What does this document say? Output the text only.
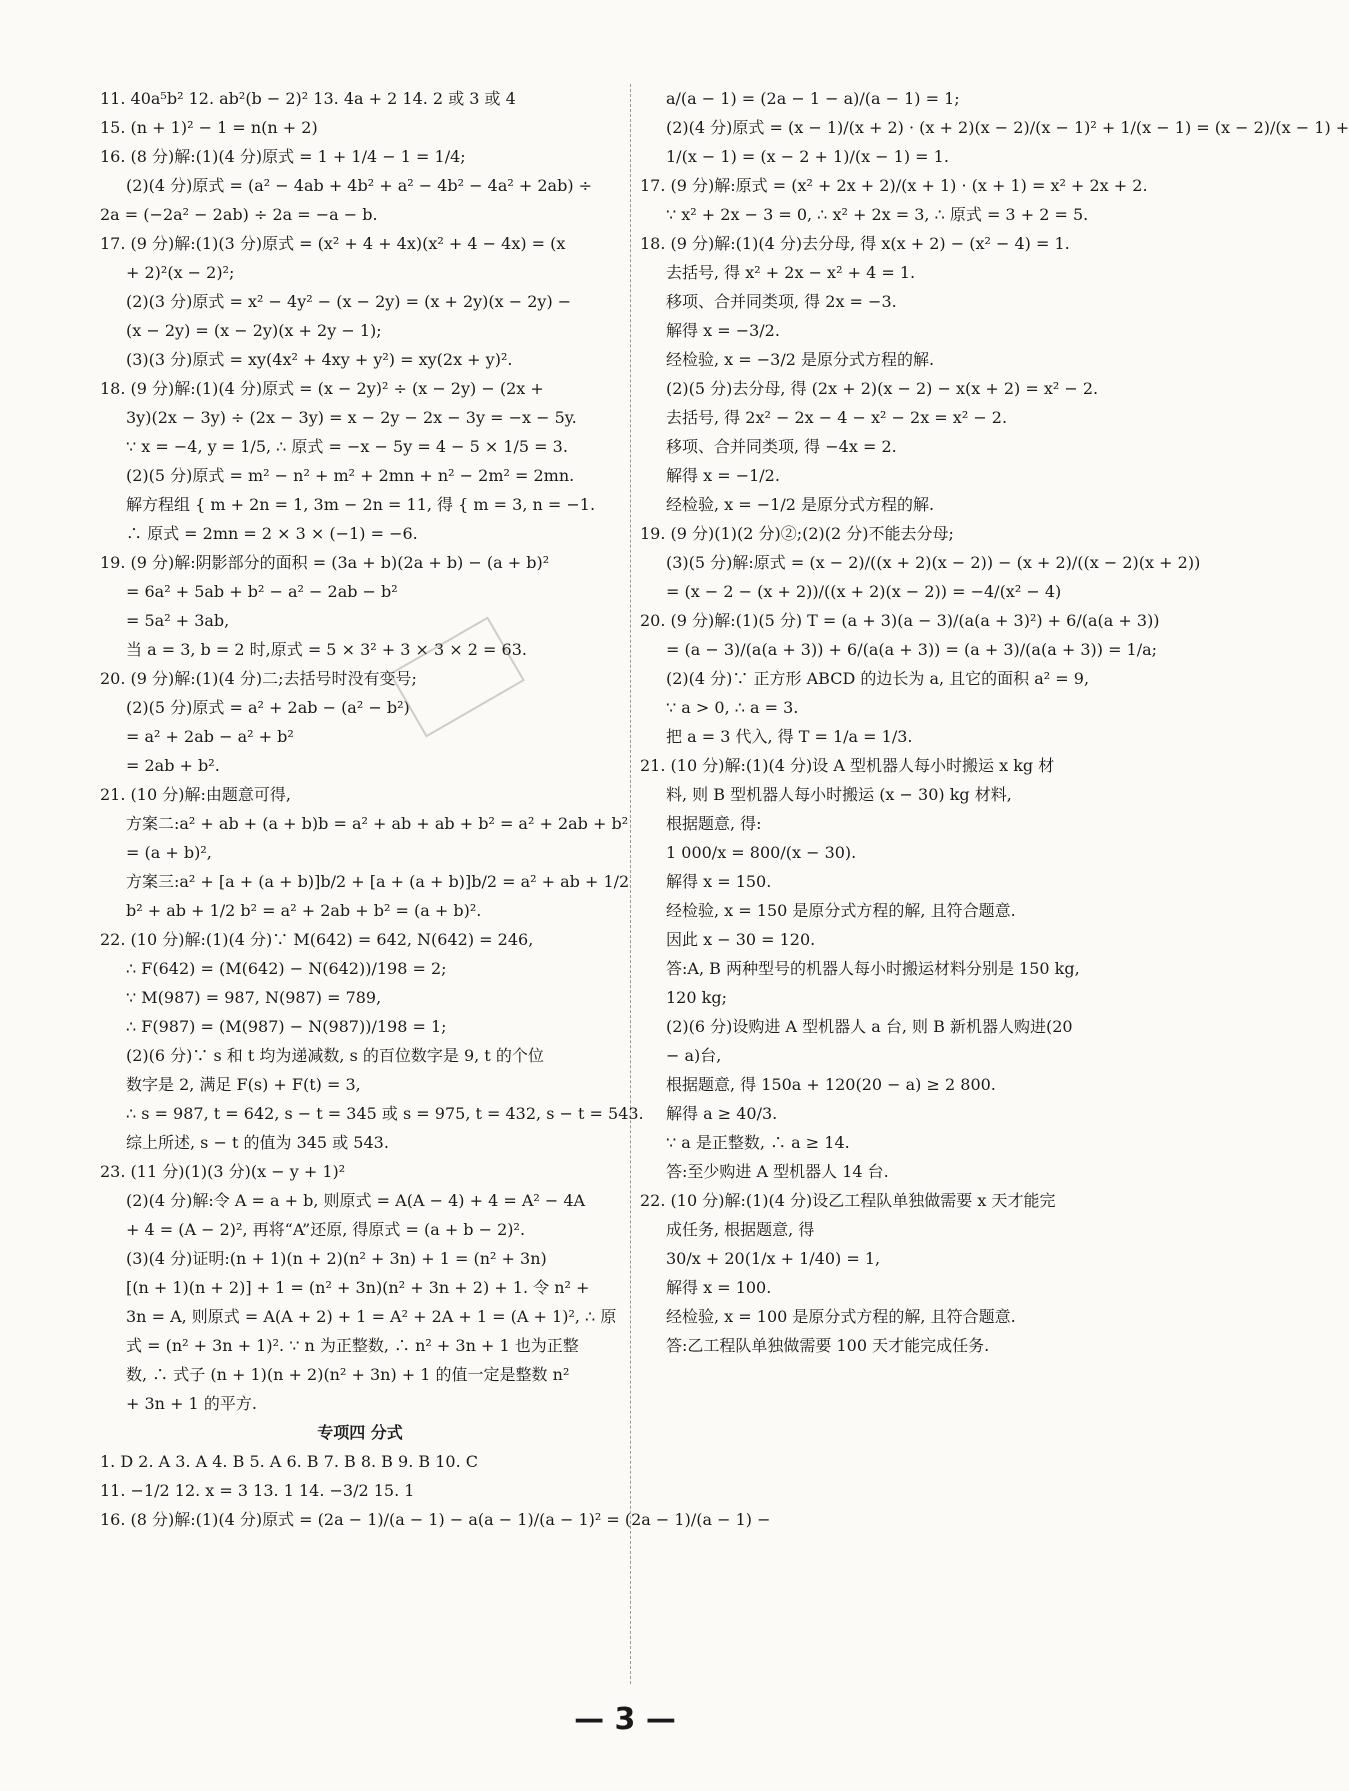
11. 40a⁵b² 12. ab²(b − 2)² 13. 4a + 2 14. 2 或 3 或 4
15. (n + 1)² − 1 = n(n + 2)
16. (8 分)解:(1)(4 分)原式 = 1 + 1/4 − 1 = 1/4;
(2)(4 分)原式 = (a² − 4ab + 4b² + a² − 4b² − 4a² + 2ab) ÷
2a = (−2a² − 2ab) ÷ 2a = −a − b.
17. (9 分)解:(1)(3 分)原式 = (x² + 4 + 4x)(x² + 4 − 4x) = (x
+ 2)²(x − 2)²;
(2)(3 分)原式 = x² − 4y² − (x − 2y) = (x + 2y)(x − 2y) −
(x − 2y) = (x − 2y)(x + 2y − 1);
(3)(3 分)原式 = xy(4x² + 4xy + y²) = xy(2x + y)².
18. (9 分)解:(1)(4 分)原式 = (x − 2y)² ÷ (x − 2y) − (2x +
3y)(2x − 3y) ÷ (2x − 3y) = x − 2y − 2x − 3y = −x − 5y.
∵ x = −4, y = 1/5, ∴ 原式 = −x − 5y = 4 − 5 × 1/5 = 3.
(2)(5 分)原式 = m² − n² + m² + 2mn + n² − 2m² = 2mn.
解方程组 { m + 2n = 1, 3m − 2n = 11, 得 { m = 3, n = −1.
∴ 原式 = 2mn = 2 × 3 × (−1) = −6.
19. (9 分)解:阴影部分的面积 = (3a + b)(2a + b) − (a + b)²
= 6a² + 5ab + b² − a² − 2ab − b²
= 5a² + 3ab,
当 a = 3, b = 2 时,原式 = 5 × 3² + 3 × 3 × 2 = 63.
20. (9 分)解:(1)(4 分)二;去括号时没有变号;
(2)(5 分)原式 = a² + 2ab − (a² − b²)
= a² + 2ab − a² + b²
= 2ab + b².
21. (10 分)解:由题意可得,
方案二:a² + ab + (a + b)b = a² + ab + ab + b² = a² + 2ab + b²
= (a + b)²,
方案三:a² + [a + (a + b)]b/2 + [a + (a + b)]b/2 = a² + ab + 1/2
b² + ab + 1/2 b² = a² + 2ab + b² = (a + b)².
22. (10 分)解:(1)(4 分)∵ M(642) = 642, N(642) = 246,
∴ F(642) = (M(642) − N(642))/198 = 2;
∵ M(987) = 987, N(987) = 789,
∴ F(987) = (M(987) − N(987))/198 = 1;
(2)(6 分)∵ s 和 t 均为递减数, s 的百位数字是 9, t 的个位
数字是 2, 满足 F(s) + F(t) = 3,
∴ s = 987, t = 642, s − t = 345 或 s = 975, t = 432, s − t = 543.
综上所述, s − t 的值为 345 或 543.
23. (11 分)(1)(3 分)(x − y + 1)²
(2)(4 分)解:令 A = a + b, 则原式 = A(A − 4) + 4 = A² − 4A
+ 4 = (A − 2)², 再将“A”还原, 得原式 = (a + b − 2)².
(3)(4 分)证明:(n + 1)(n + 2)(n² + 3n) + 1 = (n² + 3n)
[(n + 1)(n + 2)] + 1 = (n² + 3n)(n² + 3n + 2) + 1. 令 n² +
3n = A, 则原式 = A(A + 2) + 1 = A² + 2A + 1 = (A + 1)², ∴ 原
式 = (n² + 3n + 1)². ∵ n 为正整数, ∴ n² + 3n + 1 也为正整
数, ∴ 式子 (n + 1)(n + 2)(n² + 3n) + 1 的值一定是整数 n²
+ 3n + 1 的平方.
专项四 分式
1. D 2. A 3. A 4. B 5. A 6. B 7. B 8. B 9. B 10. C
11. −1/2 12. x = 3 13. 1 14. −3/2 15. 1
16. (8 分)解:(1)(4 分)原式 = (2a − 1)/(a − 1) − a(a − 1)/(a − 1)² = (2a − 1)/(a − 1) −
a/(a − 1) = (2a − 1 − a)/(a − 1) = 1;
(2)(4 分)原式 = (x − 1)/(x + 2) · (x + 2)(x − 2)/(x − 1)² + 1/(x − 1) = (x − 2)/(x − 1) +
1/(x − 1) = (x − 2 + 1)/(x − 1) = 1.
17. (9 分)解:原式 = (x² + 2x + 2)/(x + 1) · (x + 1) = x² + 2x + 2.
∵ x² + 2x − 3 = 0, ∴ x² + 2x = 3, ∴ 原式 = 3 + 2 = 5.
18. (9 分)解:(1)(4 分)去分母, 得 x(x + 2) − (x² − 4) = 1.
去括号, 得 x² + 2x − x² + 4 = 1.
移项、合并同类项, 得 2x = −3.
解得 x = −3/2.
经检验, x = −3/2 是原分式方程的解.
(2)(5 分)去分母, 得 (2x + 2)(x − 2) − x(x + 2) = x² − 2.
去括号, 得 2x² − 2x − 4 − x² − 2x = x² − 2.
移项、合并同类项, 得 −4x = 2.
解得 x = −1/2.
经检验, x = −1/2 是原分式方程的解.
19. (9 分)(1)(2 分)②;(2)(2 分)不能去分母;
(3)(5 分)解:原式 = (x − 2)/((x + 2)(x − 2)) − (x + 2)/((x − 2)(x + 2))
= (x − 2 − (x + 2))/((x + 2)(x − 2)) = −4/(x² − 4)
20. (9 分)解:(1)(5 分) T = (a + 3)(a − 3)/(a(a + 3)²) + 6/(a(a + 3))
= (a − 3)/(a(a + 3)) + 6/(a(a + 3)) = (a + 3)/(a(a + 3)) = 1/a;
(2)(4 分)∵ 正方形 ABCD 的边长为 a, 且它的面积 a² = 9,
∵ a > 0, ∴ a = 3.
把 a = 3 代入, 得 T = 1/a = 1/3.
21. (10 分)解:(1)(4 分)设 A 型机器人每小时搬运 x kg 材
料, 则 B 型机器人每小时搬运 (x − 30) kg 材料,
根据题意, 得:
1 000/x = 800/(x − 30).
解得 x = 150.
经检验, x = 150 是原分式方程的解, 且符合题意.
因此 x − 30 = 120.
答:A, B 两种型号的机器人每小时搬运材料分别是 150 kg,
120 kg;
(2)(6 分)设购进 A 型机器人 a 台, 则 B 新机器人购进(20
− a)台,
根据题意, 得 150a + 120(20 − a) ≥ 2 800.
解得 a ≥ 40/3.
∵ a 是正整数, ∴ a ≥ 14.
答:至少购进 A 型机器人 14 台.
22. (10 分)解:(1)(4 分)设乙工程队单独做需要 x 天才能完
成任务, 根据题意, 得
30/x + 20(1/x + 1/40) = 1,
解得 x = 100.
经检验, x = 100 是原分式方程的解, 且符合题意.
答:乙工程队单独做需要 100 天才能完成任务.
— 3 —
